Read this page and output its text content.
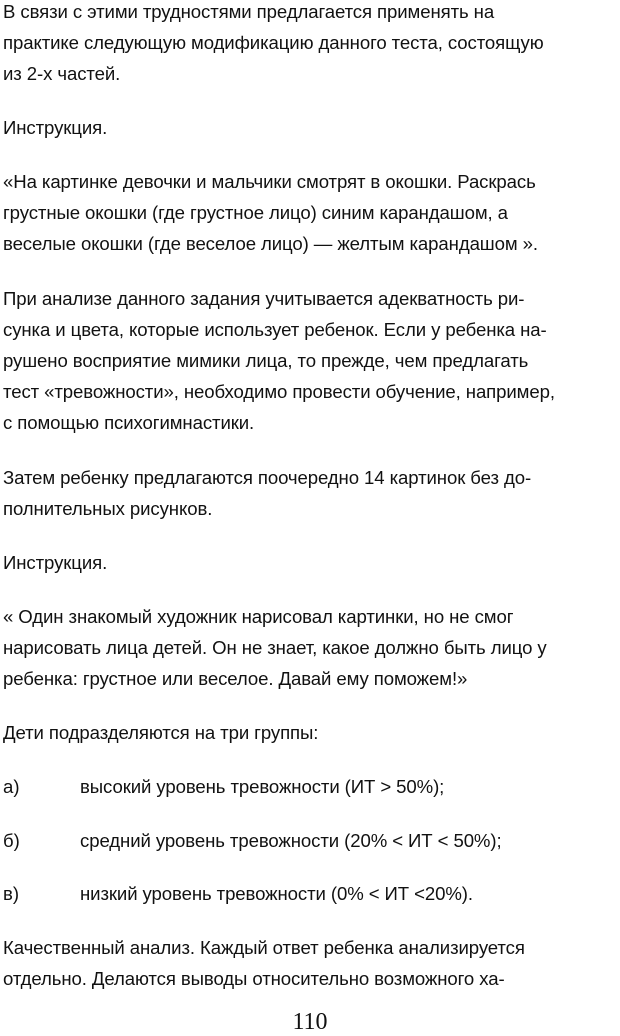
В связи с этими трудностями предлагается применять на
практике следующую модификацию данного теста, состоящую
из 2-х частей.
Инструкция.
«На картинке девочки и мальчики смотрят в окошки. Раскрась
грустные окошки (где грустное лицо) синим карандашом, а
веселые окошки (где веселое лицо) — желтым карандашом ».
При анализе данного задания учитывается адекватность ри-
сунка и цвета, которые использует ребенок. Если у ребенка на-
рушено восприятие мимики лица, то прежде, чем предлагать
тест «тревожности», необходимо провести обучение, например,
с помощью психогимнастики.
Затем ребенку предлагаются поочередно 14 картинок без до-
полнительных рисунков.
Инструкция.
« Один знакомый художник нарисовал картинки, но не смог
нарисовать лица детей. Он не знает, какое должно быть лицо у
ребенка: грустное или веселое. Давай ему поможем!»
Дети подразделяются на три группы:
а)	высокий уровень тревожности (ИТ > 50%);
б)	средний уровень тревожности (20% < ИТ < 50%);
в)	низкий уровень тревожности (0% < ИТ <20%).
Качественный анализ. Каждый ответ ребенка анализируется
отдельно. Делаются выводы относительно возможного ха-
110
